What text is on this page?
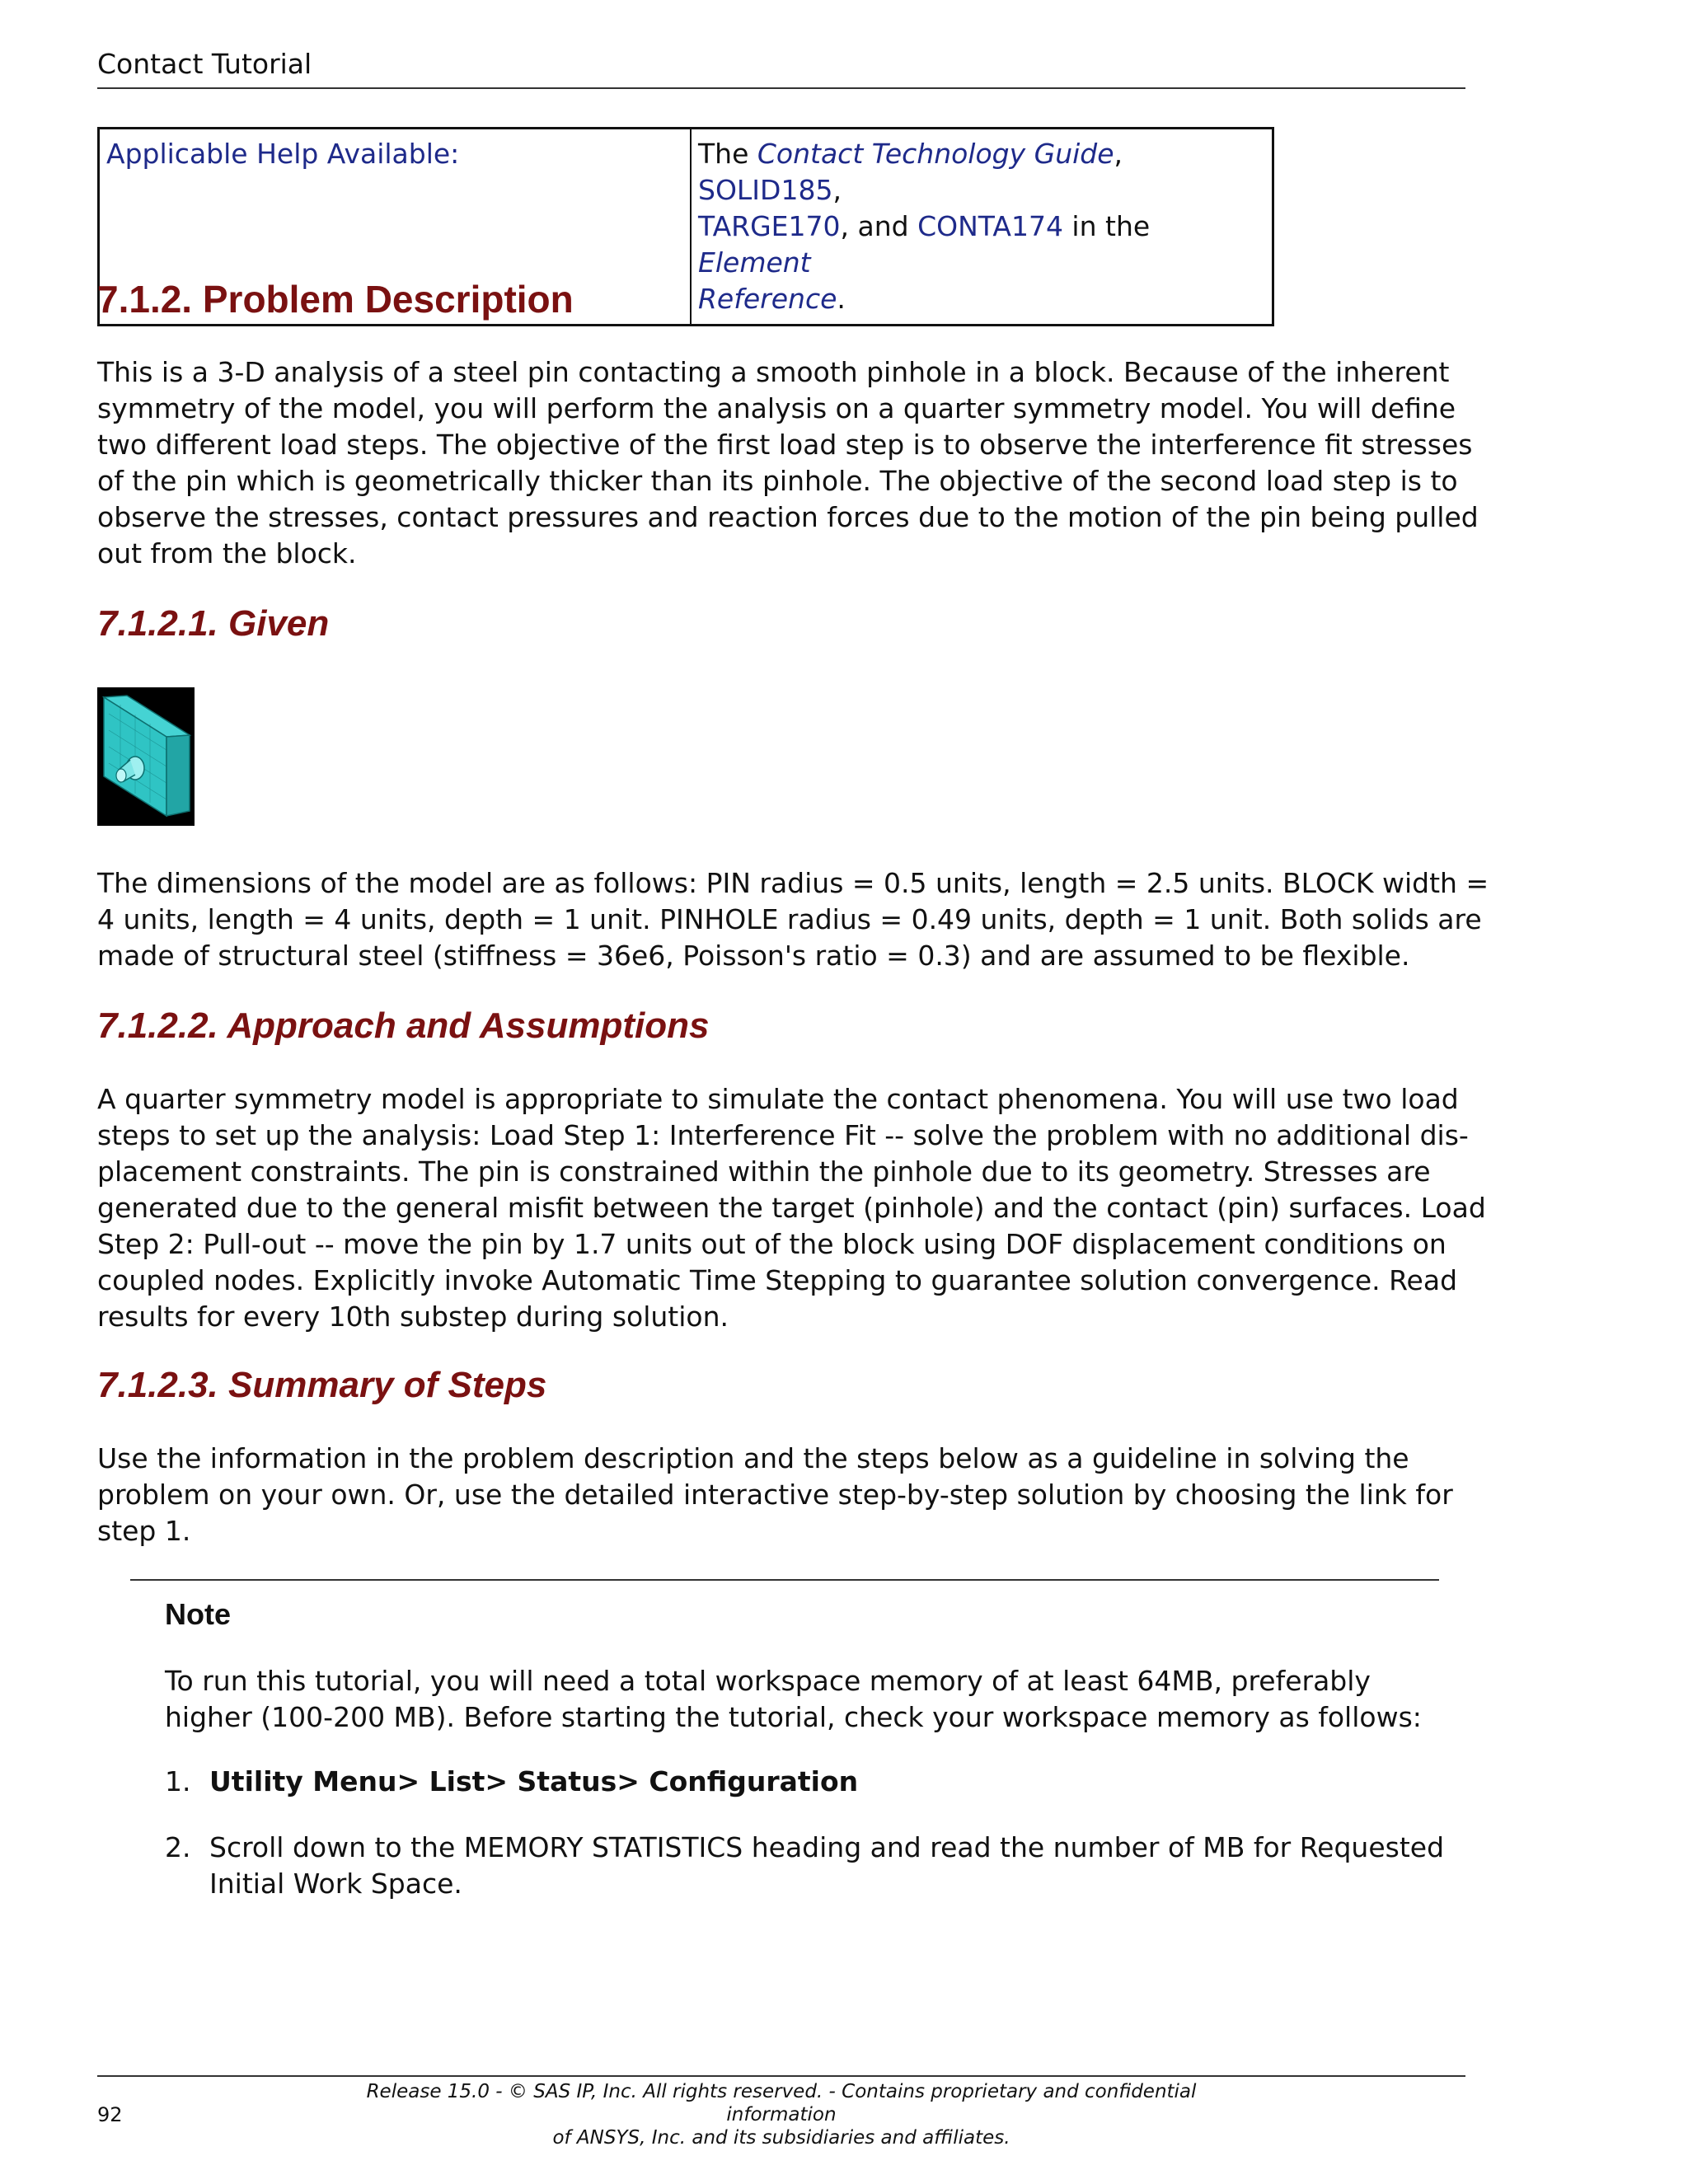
Contact Tutorial
Applicable Help Available:	The Contact Technology Guide, SOLID185,
TARGE170, and CONTA174 in the Element
Reference.
7.1.2. Problem Description
This is a 3-D analysis of a steel pin contacting a smooth pinhole in a block. Because of the inherent
symmetry of the model, you will perform the analysis on a quarter symmetry model. You will define
two different load steps. The objective of the first load step is to observe the interference fit stresses
of the pin which is geometrically thicker than its pinhole. The objective of the second load step is to
observe the stresses, contact pressures and reaction forces due to the motion of the pin being pulled
out from the block.
7.1.2.1. Given
The dimensions of the model are as follows: PIN radius = 0.5 units, length = 2.5 units. BLOCK width =
4 units, length = 4 units, depth = 1 unit. PINHOLE radius = 0.49 units, depth = 1 unit. Both solids are
made of structural steel (stiffness = 36e6, Poisson's ratio = 0.3) and are assumed to be flexible.
7.1.2.2. Approach and Assumptions
A quarter symmetry model is appropriate to simulate the contact phenomena. You will use two load
steps to set up the analysis: Load Step 1: Interference Fit -- solve the problem with no additional dis-
placement constraints. The pin is constrained within the pinhole due to its geometry. Stresses are
generated due to the general misfit between the target (pinhole) and the contact (pin) surfaces. Load
Step 2: Pull-out -- move the pin by 1.7 units out of the block using DOF displacement conditions on
coupled nodes. Explicitly invoke Automatic Time Stepping to guarantee solution convergence. Read
results for every 10th substep during solution.
7.1.2.3. Summary of Steps
Use the information in the problem description and the steps below as a guideline in solving the
problem on your own. Or, use the detailed interactive step-by-step solution by choosing the link for
step 1.
Note
To run this tutorial, you will need a total workspace memory of at least 64MB, preferably
higher (100-200 MB). Before starting the tutorial, check your workspace memory as follows:
1. Utility Menu> List> Status> Configuration
2. Scroll down to the MEMORY STATISTICS heading and read the number of MB for Requested
Initial Work Space.
92
Release 15.0 - © SAS IP, Inc. All rights reserved. - Contains proprietary and confidential information
of ANSYS, Inc. and its subsidiaries and affiliates.
